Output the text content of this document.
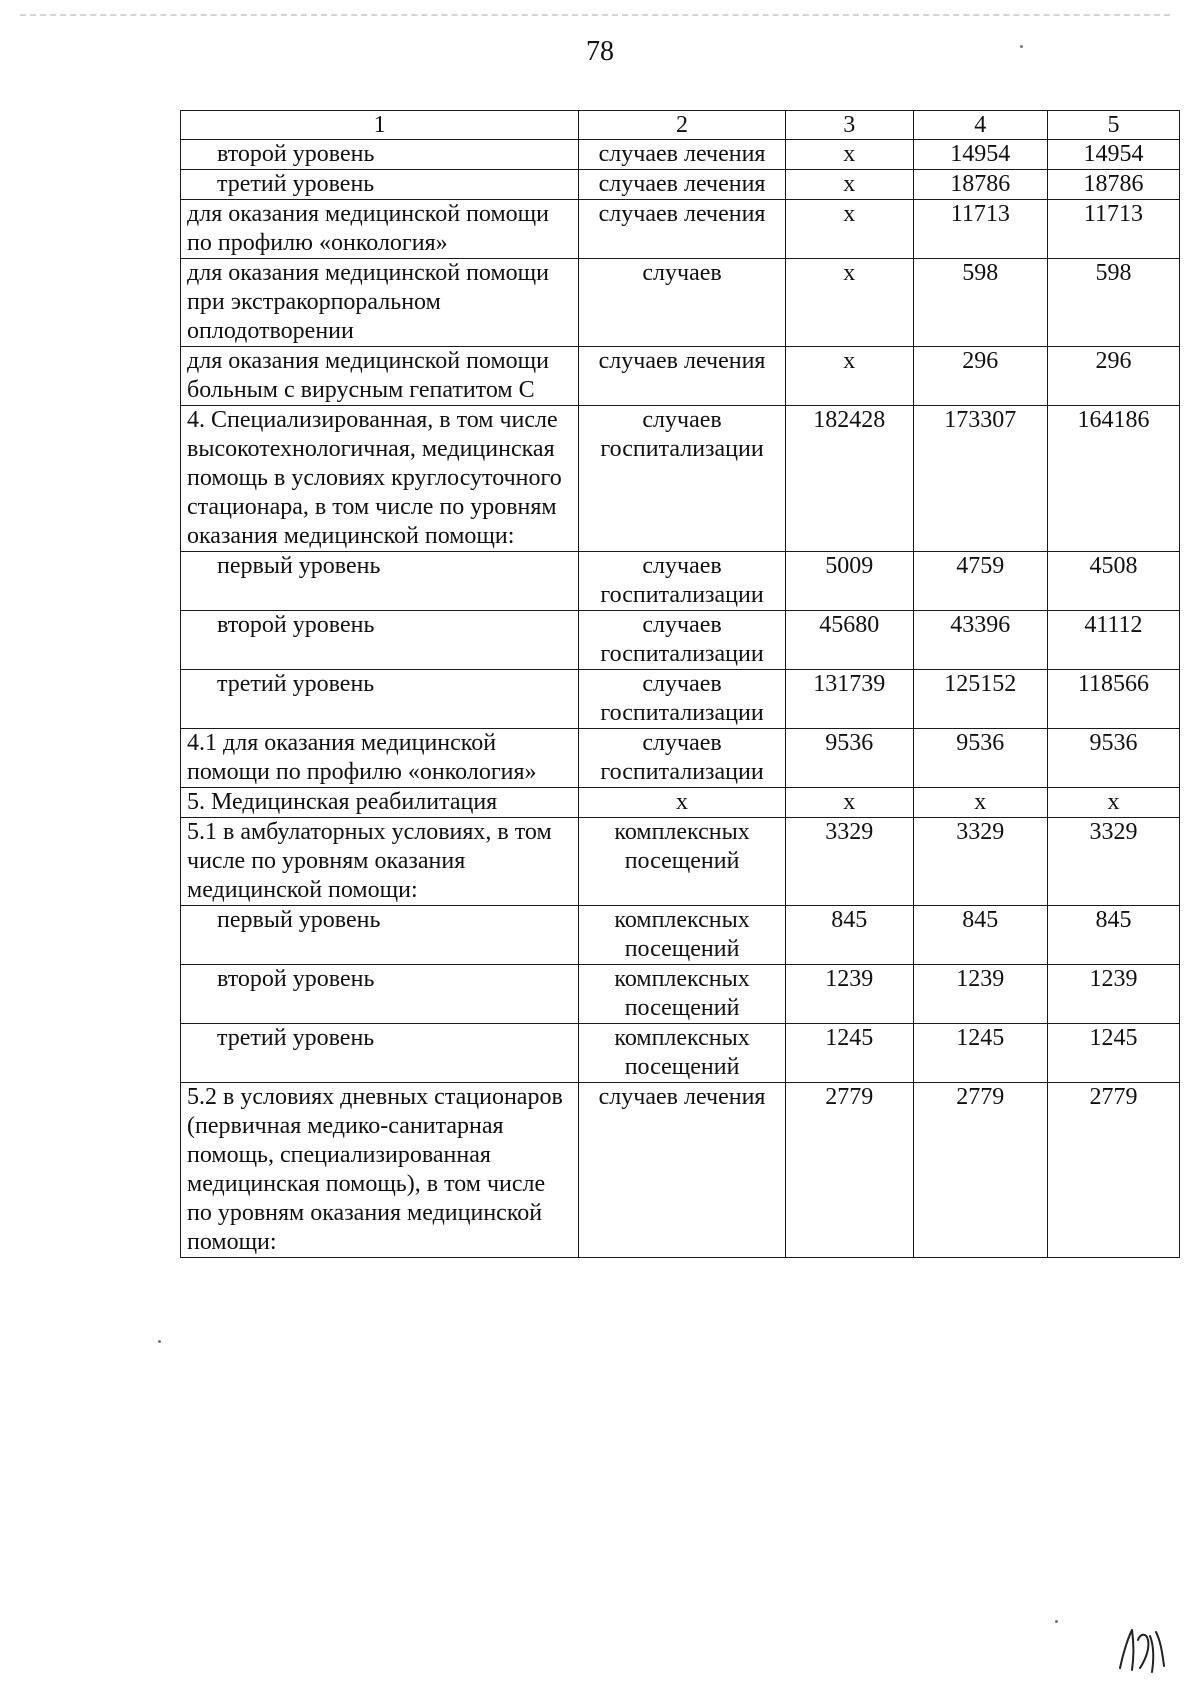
78
1	2	3	4	5
второй уровень	случаев лечения	х	14954	14954
третий уровень	случаев лечения	х	18786	18786
для оказания медицинской помощи по профилю «онкология»	случаев лечения	х	11713	11713
для оказания медицинской помощи при экстракорпоральном оплодотворении	случаев	х	598	598
для оказания медицинской помощи больным с вирусным гепатитом С	случаев лечения	х	296	296
4. Специализированная, в том числе высокотехнологичная, медицинская помощь в условиях круглосуточного стационара, в том числе по уровням оказания медицинской помощи:	случаев госпитализации	182428	173307	164186
первый уровень	случаев госпитализации	5009	4759	4508
второй уровень	случаев госпитализации	45680	43396	41112
третий уровень	случаев госпитализации	131739	125152	118566
4.1 для оказания медицинской помощи по профилю «онкология»	случаев госпитализации	9536	9536	9536
5. Медицинская реабилитация	х	х	х	х
5.1 в амбулаторных условиях, в том числе по уровням оказания медицинской помощи:	комплексных посещений	3329	3329	3329
первый уровень	комплексных посещений	845	845	845
второй уровень	комплексных посещений	1239	1239	1239
третий уровень	комплексных посещений	1245	1245	1245
5.2 в условиях дневных стационаров (первичная медико-санитарная помощь, специализированная медицинская помощь), в том числе по уровням оказания медицинской помощи:	случаев лечения	2779	2779	2779
